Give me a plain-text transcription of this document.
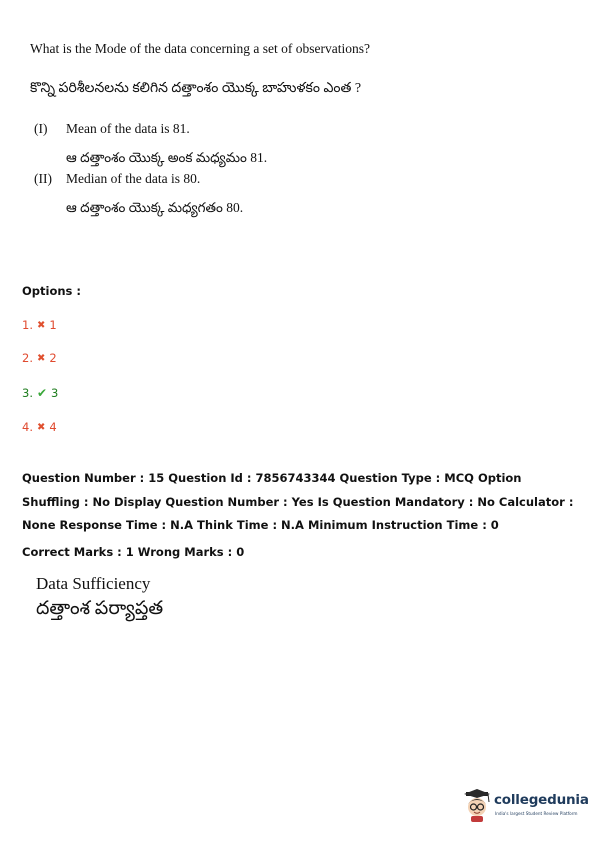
What is the Mode of the data concerning a set of observations?
కొన్ని పరిశీలనలను కలిగిన దత్తాంశం యొక్క బాహుళకం ఎంత ?
(I) Mean of the data is 81.
ఆ దత్తాంశం యొక్క అంక మధ్యమం 81.
(II) Median of the data is 80.
ఆ దత్తాంశం యొక్క మధ్యగతం 80.
Options :
1. ✖ 1
2. ✖ 2
3. ✔ 3
4. ✖ 4
Question Number : 15 Question Id : 7856743344 Question Type : MCQ Option Shuffling : No Display Question Number : Yes Is Question Mandatory : No Calculator : None Response Time : N.A Think Time : N.A Minimum Instruction Time : 0
Correct Marks : 1 Wrong Marks : 0
Data Sufficiency
దత్తాంశ పర్యాప్తత
collegedunia
India's largest Student Review Platform
